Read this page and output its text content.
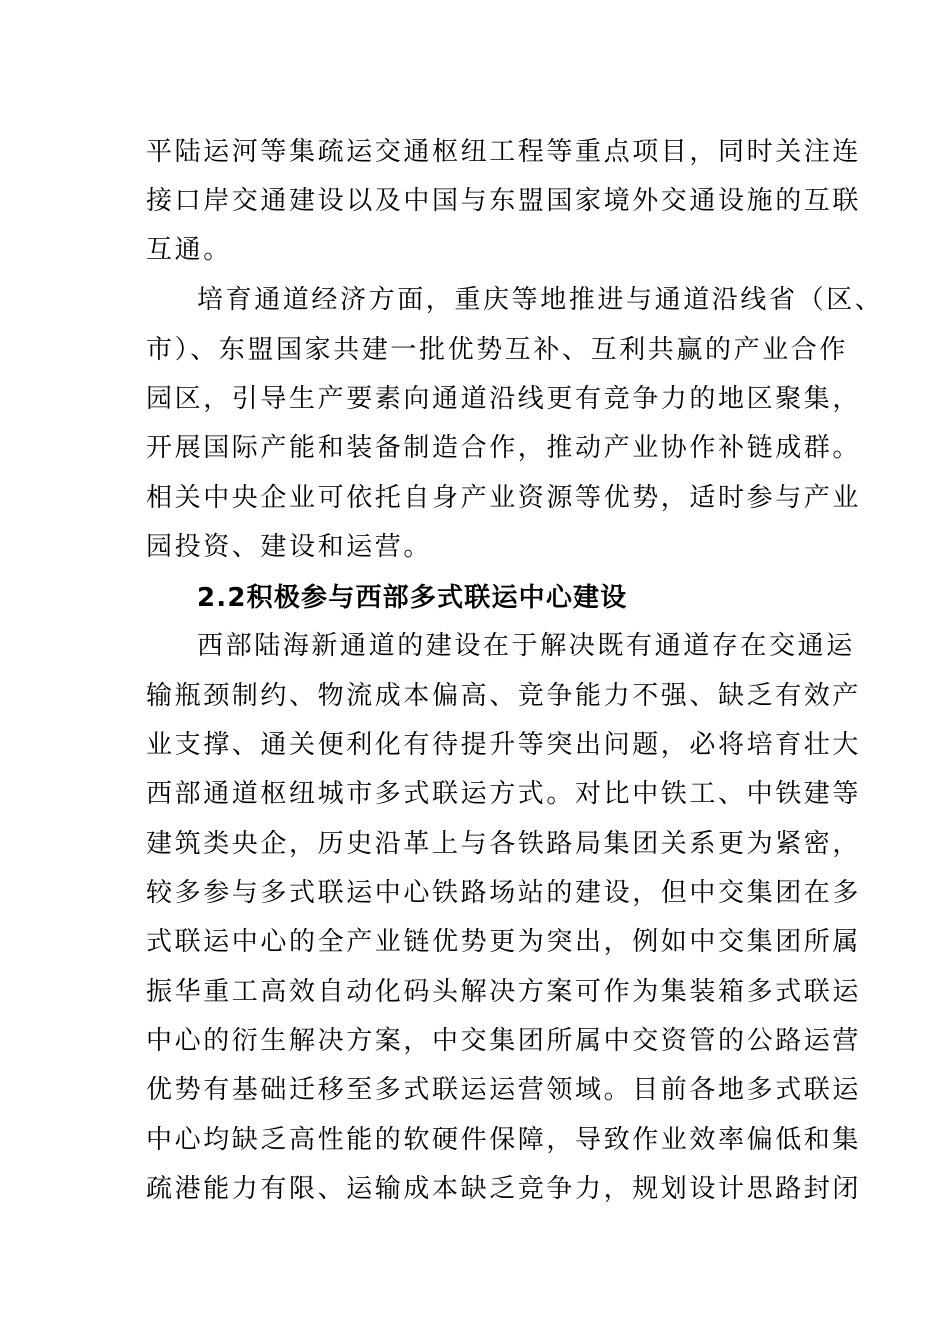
平陆运河等集疏运交通枢纽工程等重点项目，同时关注连
接口岸交通建设以及中国与东盟国家境外交通设施的互联
互通。
培育通道经济方面，重庆等地推进与通道沿线省（区、
市）、东盟国家共建一批优势互补、互利共赢的产业合作
园区，引导生产要素向通道沿线更有竞争力的地区聚集，
开展国际产能和装备制造合作，推动产业协作补链成群。
相关中央企业可依托自身产业资源等优势，适时参与产业
园投资、建设和运营。
2.2积极参与西部多式联运中心建设
西部陆海新通道的建设在于解决既有通道存在交通运
输瓶颈制约、物流成本偏高、竞争能力不强、缺乏有效产
业支撑、通关便利化有待提升等突出问题，必将培育壮大
西部通道枢纽城市多式联运方式。对比中铁工、中铁建等
建筑类央企，历史沿革上与各铁路局集团关系更为紧密，
较多参与多式联运中心铁路场站的建设，但中交集团在多
式联运中心的全产业链优势更为突出，例如中交集团所属
振华重工高效自动化码头解决方案可作为集装箱多式联运
中心的衍生解决方案，中交集团所属中交资管的公路运营
优势有基础迁移至多式联运运营领域。目前各地多式联运
中心均缺乏高性能的软硬件保障，导致作业效率偏低和集
疏港能力有限、运输成本缺乏竞争力，规划设计思路封闭
